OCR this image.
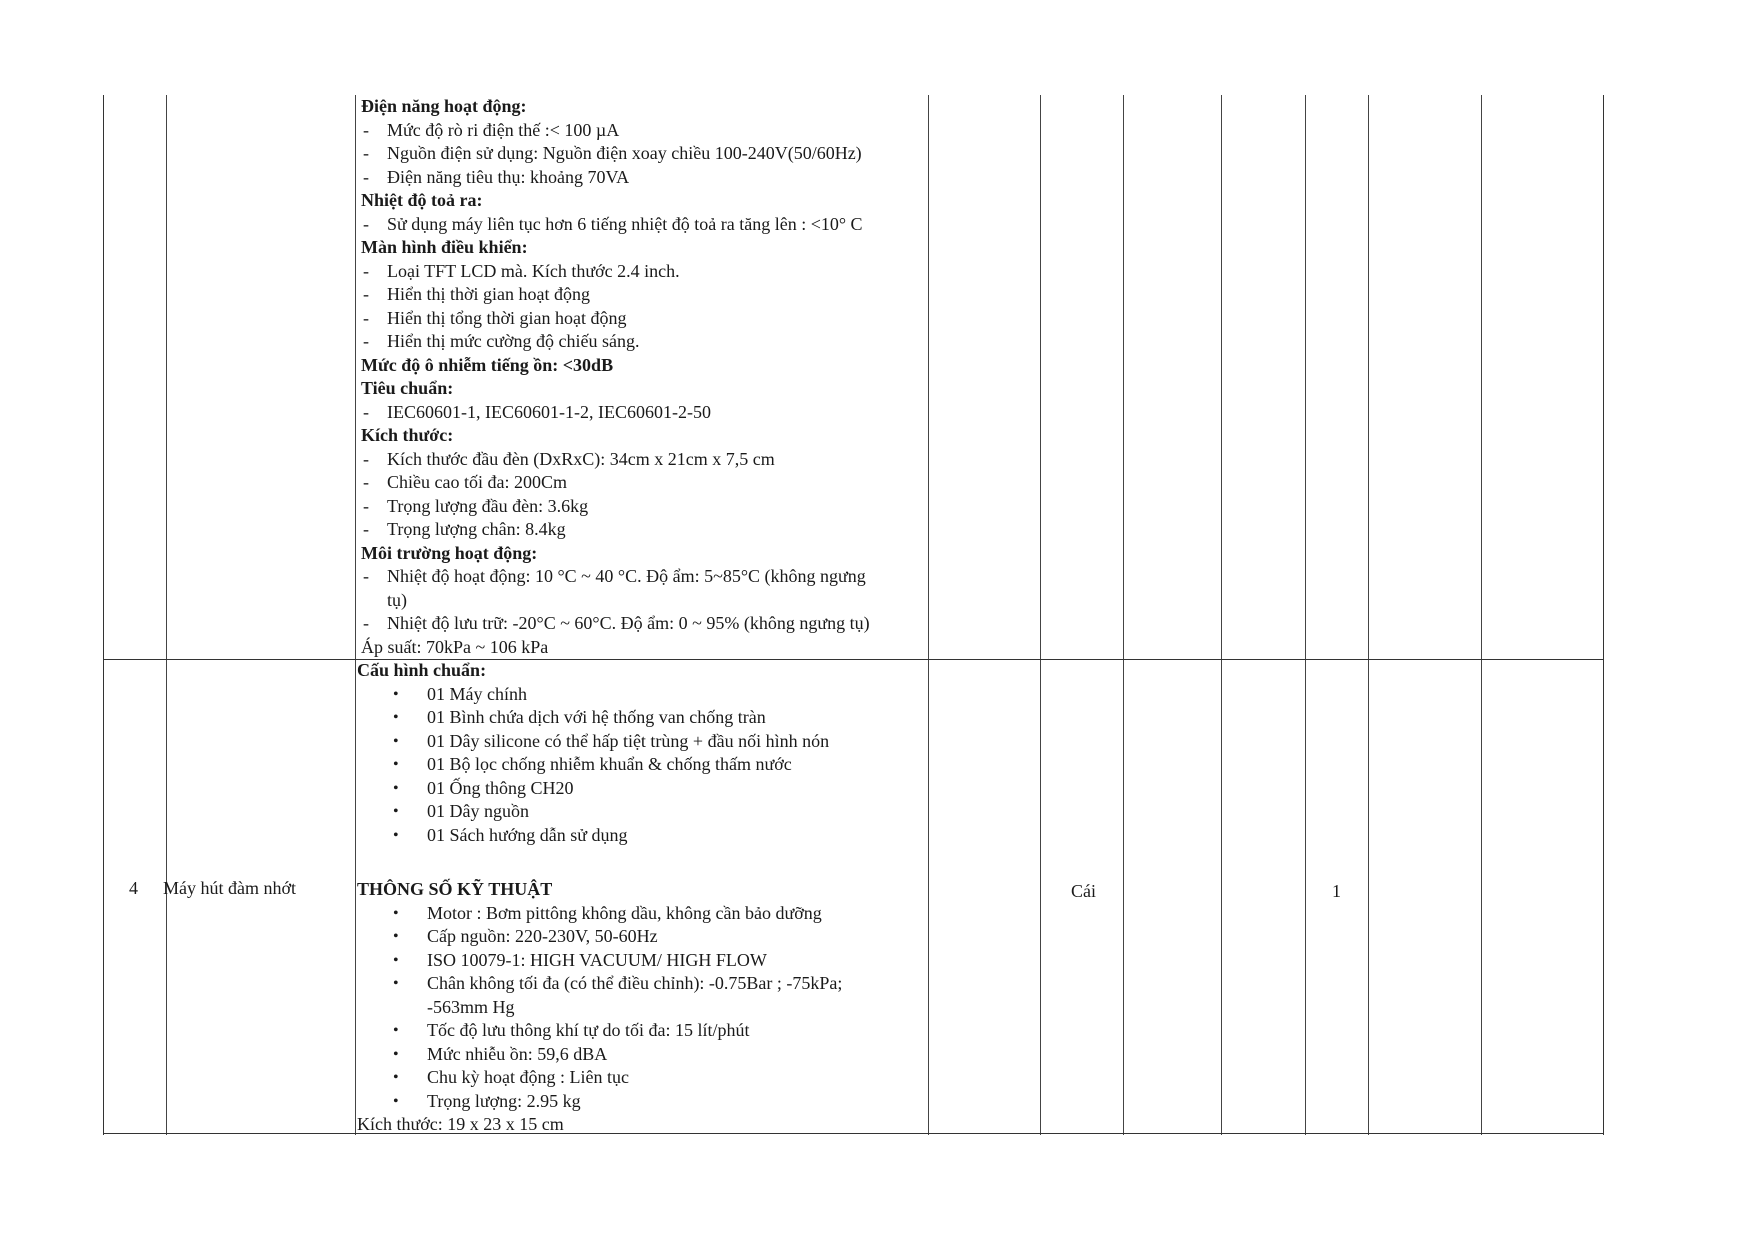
Điện năng hoạt động:
- Mức độ rò ri điện thế :< 100 µA
- Nguồn điện sử dụng: Nguồn điện xoay chiều 100-240V(50/60Hz)
- Điện năng tiêu thụ: khoảng 70VA
Nhiệt độ toả ra:
- Sử dụng máy liên tục hơn 6 tiếng nhiệt độ toả ra tăng lên : <10° C
Màn hình điều khiển:
- Loại TFT LCD mà. Kích thước 2.4 inch.
- Hiển thị thời gian hoạt động
- Hiển thị tổng thời gian hoạt động
- Hiển thị mức cường độ chiếu sáng.
Mức độ ô nhiễm tiếng ồn: <30dB
Tiêu chuẩn:
- IEC60601-1, IEC60601-1-2, IEC60601-2-50
Kích thước:
- Kích thước đầu đèn (DxRxC): 34cm x 21cm x 7,5 cm
- Chiều cao tối đa: 200Cm
- Trọng lượng đầu đèn: 3.6kg
- Trọng lượng chân: 8.4kg
Môi trường hoạt động:
- Nhiệt độ hoạt động: 10 °C ~ 40 °C. Độ ẩm: 5~85°C (không ngưng tụ)
- Nhiệt độ lưu trữ: -20°C ~ 60°C. Độ ẩm: 0 ~ 95% (không ngưng tụ)
Áp suất: 70kPa ~ 106 kPa
4 Máy hút đàm nhớt
Cấu hình chuẩn:
• 01 Máy chính
• 01 Bình chứa dịch với hệ thống van chống tràn
• 01 Dây silicone có thể hấp tiệt trùng + đầu nối hình nón
• 01 Bộ lọc chống nhiễm khuẩn & chống thấm nước
• 01 Ống thông CH20
• 01 Dây nguồn
• 01 Sách hướng dẫn sử dụng
THÔNG SỐ KỸ THUẬT
• Motor : Bơm pittông không dầu, không cần bảo dưỡng
• Cấp nguồn: 220-230V, 50-60Hz
• ISO 10079-1: HIGH VACUUM/ HIGH FLOW
• Chân không tối đa (có thể điều chỉnh): -0.75Bar ; -75kPa; -563mm Hg
• Tốc độ lưu thông khí tự do tối đa: 15 lít/phút
• Mức nhiễu ồn: 59,6 dBA
• Chu kỳ hoạt động : Liên tục
• Trọng lượng: 2.95 kg
Kích thước: 19 x 23 x 15 cm
Cái	1
